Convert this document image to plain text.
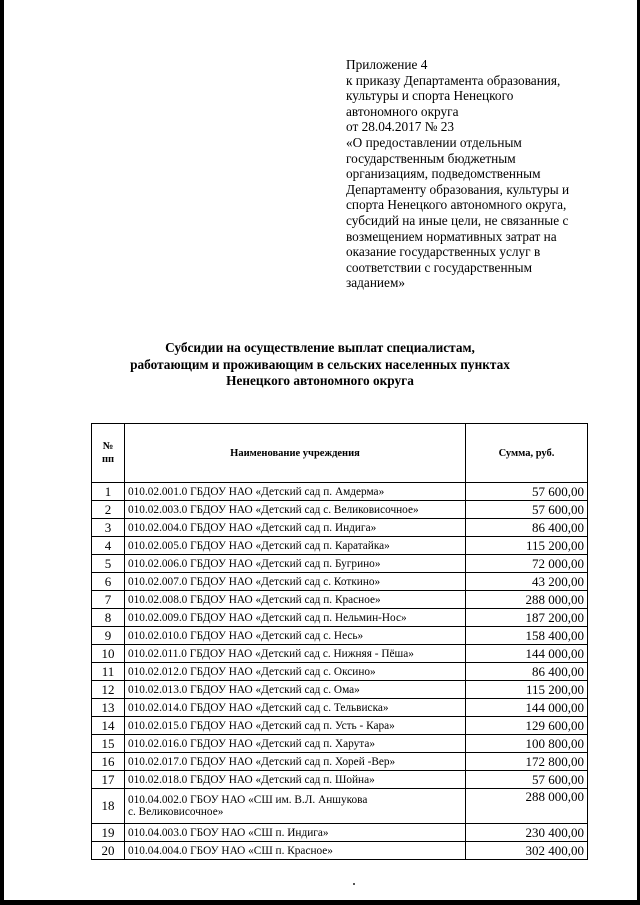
Приложение 4
к приказу Департамента образования,
культуры и спорта Ненецкого
автономного округа
от 28.04.2017 № 23
«О предоставлении отдельным
государственным бюджетным
организациям, подведомственным
Департаменту образования, культуры и
спорта Ненецкого автономного округа,
субсидий на иные цели, не связанные с
возмещением нормативных затрат на
оказание государственных услуг в
соответствии с государственным
заданием»
Субсидии на осуществление выплат специалистам,
работающим и проживающим в сельских населенных пунктах
Ненецкого автономного округа
№
пп	Наименование учреждения	Сумма, руб.
1	010.02.001.0 ГБДОУ НАО «Детский сад п. Амдерма»	57 600,00
2	010.02.003.0 ГБДОУ НАО «Детский сад с. Великовисочное»	57 600,00
3	010.02.004.0 ГБДОУ НАО «Детский сад п. Индига»	86 400,00
4	010.02.005.0 ГБДОУ НАО «Детский сад п. Каратайка»	115 200,00
5	010.02.006.0 ГБДОУ НАО «Детский сад п. Бугрино»	72 000,00
6	010.02.007.0 ГБДОУ НАО «Детский сад с. Коткино»	43 200,00
7	010.02.008.0 ГБДОУ НАО «Детский сад п. Красное»	288 000,00
8	010.02.009.0 ГБДОУ НАО «Детский сад п. Нельмин-Нос»	187 200,00
9	010.02.010.0 ГБДОУ НАО «Детский сад с. Несь»	158 400,00
10	010.02.011.0 ГБДОУ НАО «Детский сад с. Нижняя - Пёша»	144 000,00
11	010.02.012.0 ГБДОУ НАО «Детский сад с. Оксино»	86 400,00
12	010.02.013.0 ГБДОУ НАО «Детский сад с. Ома»	115 200,00
13	010.02.014.0 ГБДОУ НАО «Детский сад с. Тельвиска»	144 000,00
14	010.02.015.0 ГБДОУ НАО «Детский сад п. Усть - Кара»	129 600,00
15	010.02.016.0 ГБДОУ НАО «Детский сад п. Харута»	100 800,00
16	010.02.017.0 ГБДОУ НАО «Детский сад п. Хорей -Вер»	172 800,00
17	010.02.018.0 ГБДОУ НАО «Детский сад п. Шойна»	57 600,00
18	010.04.002.0 ГБОУ НАО «СШ им. В.Л. Аншукова
с. Великовисочное»	288 000,00
19	010.04.003.0 ГБОУ НАО «СШ п. Индига»	230 400,00
20	010.04.004.0 ГБОУ НАО «СШ п. Красное»	302 400,00
